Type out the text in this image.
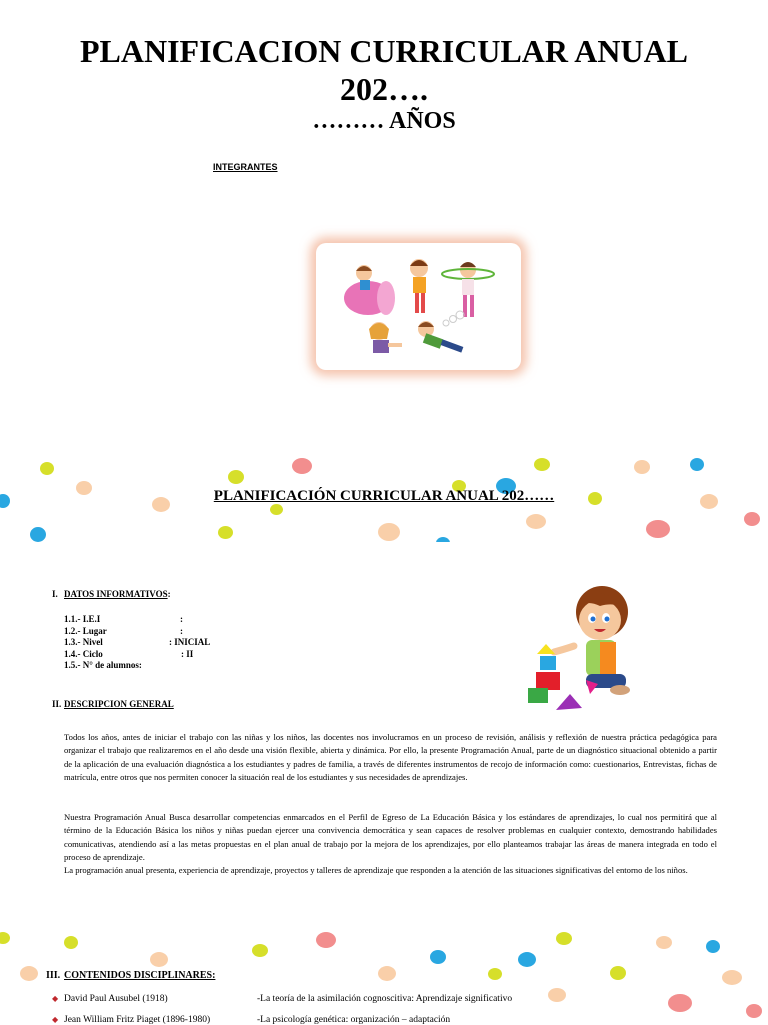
PLANIFICACION CURRICULAR ANUAL
202….
……… AÑOS
INTEGRANTES
PLANIFICACIÓN CURRICULAR ANUAL 202……
I. DATOS INFORMATIVOS:
1.1.- I.E.I	:
1.2.- Lugar	:
1.3.- Nivel	: INICIAL
1.4.- Ciclo	: II
1.5.- N° de alumnos:
II. DESCRIPCION GENERAL
Todos los años, antes de iniciar el trabajo con las niñas y los niños, las docentes nos involucramos en un proceso de revisión, análisis y reflexión de nuestra práctica pedagógica para organizar el trabajo que realizaremos en el año desde una visión flexible, abierta y dinámica. Por ello, la presente Programación Anual, parte de un diagnóstico situacional obtenido a partir de la aplicación de una evaluación diagnóstica a los estudiantes y padres de familia, a través de diferentes instrumentos de recojo de información como: cuestionarios, Entrevistas, fichas de matrícula, entre otros que nos permiten conocer la situación real de los estudiantes y sus necesidades de aprendizajes.
Nuestra Programación Anual Busca desarrollar competencias enmarcados en el Perfil de Egreso de La Educación Básica y los estándares de aprendizajes, lo cual nos permitirá que al término de la Educación Básica los niños y niñas puedan ejercer una convivencia democrática y sean capaces de resolver problemas en cualquier contexto, demostrando habilidades comunicativas, atendiendo así a las metas propuestas en el plan anual de trabajo por la mejora de los aprendizajes, por ello planteamos trabajar las áreas de manera integrada en todo el proceso de aprendizaje.
La programación anual presenta, experiencia de aprendizaje, proyectos y talleres de aprendizaje que responden a la atención de las situaciones significativas del entorno de los niños.
III. CONTENIDOS DISCIPLINARES:
◆ David Paul Ausubel (1918)	-La teoría de la asimilación cognoscitiva: Aprendizaje significativo
◆ Jean William Fritz Piaget (1896-1980)	-La psicología genética: organización – adaptación
